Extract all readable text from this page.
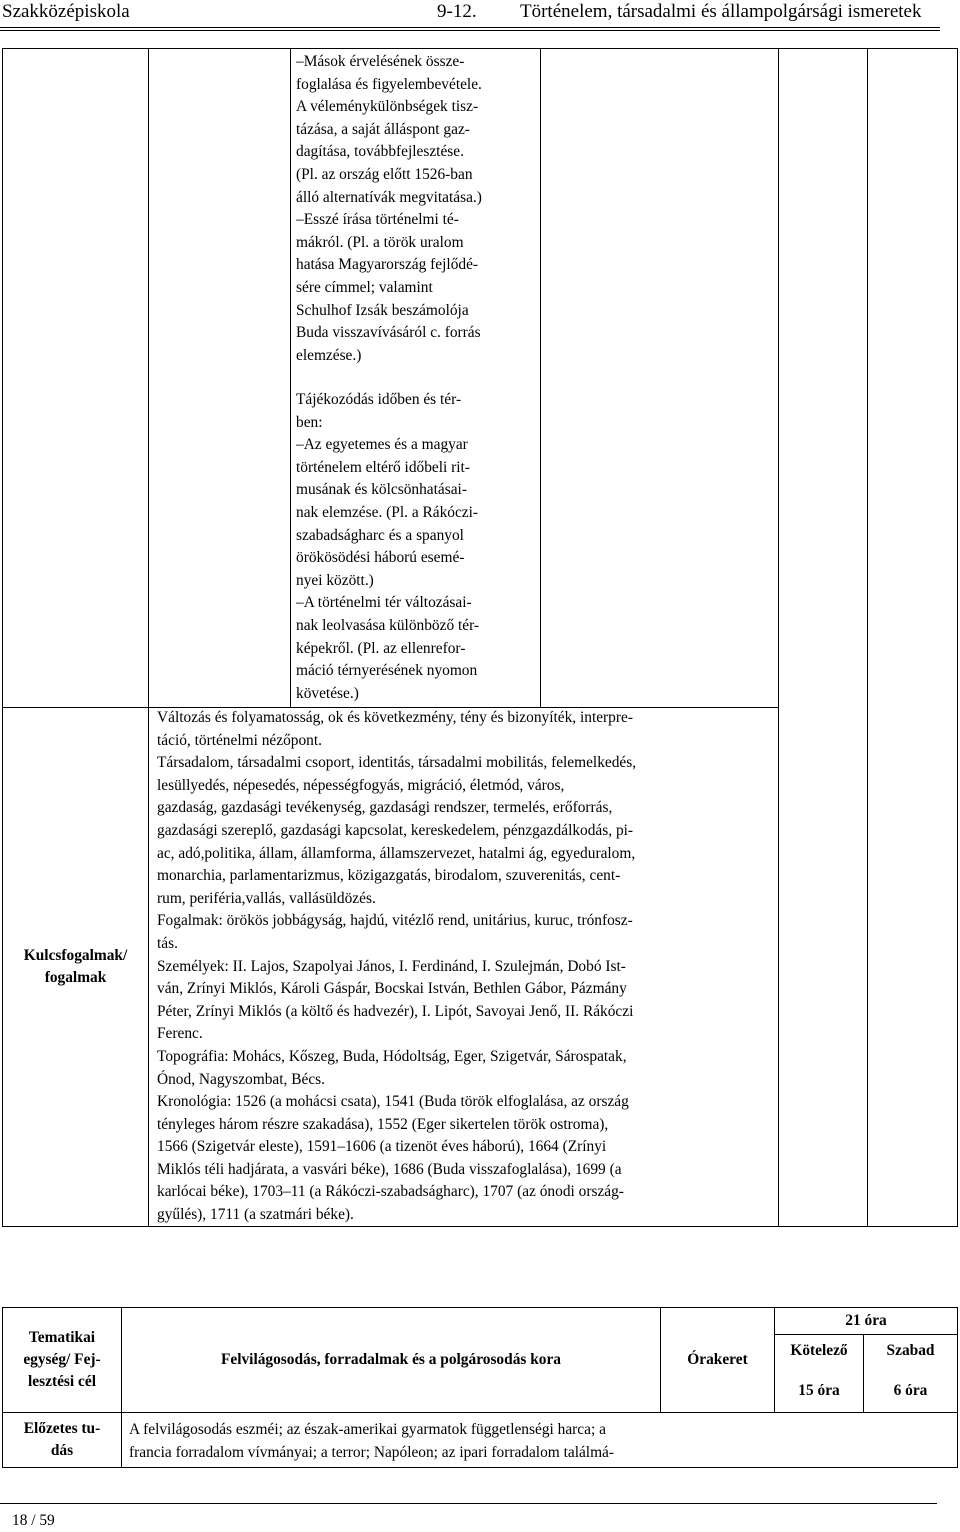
Szakközépiskola	9-12. Történelem, társadalmi és állampolgársági ismeretek

–Mások érvelésének össze-

foglalása és figyelembevétele.

A véleménykülönbségek tisz-

tázása, a saját álláspont gaz-

dagítása, továbbfejlesztése.

(Pl. az ország előtt 1526-ban

álló alternatívák megvitatása.)

–Esszé írása történelmi té-

mákról. (Pl. a török uralom

hatása Magyarország fejlődé-

sére címmel; valamint

Schulhof Izsák beszámolója

Buda visszavívásáról c. forrás

elemzése.)

Tájékozódás időben és tér-

ben:

–Az egyetemes és a magyar

történelem eltérő időbeli rit-

musának és kölcsönhatásai-

nak elemzése. (Pl. a Rákóczi-

szabadságharc és a spanyol

örökösödési háború esemé-

nyei között.)

–A történelmi tér változásai-

nak leolvasása különböző tér-

képekről. (Pl. az ellenrefor-

máció térnyerésének nyomon

követése.)

Kulcsfogalmak/
fogalmak

Változás és folyamatosság, ok és következmény, tény és bizonyíték, interpre-

táció, történelmi nézőpont.

Társadalom, társadalmi csoport, identitás, társadalmi mobilitás, felemelkedés,

lesüllyedés, népesedés, népességfogyás, migráció, életmód, város,

gazdaság, gazdasági tevékenység, gazdasági rendszer, termelés, erőforrás,

gazdasági szereplő, gazdasági kapcsolat, kereskedelem, pénzgazdálkodás, pi-

ac, adó,politika, állam, államforma, államszervezet, hatalmi ág, egyeduralom,

monarchia, parlamentarizmus, közigazgatás, birodalom, szuverenitás, cent-

rum, periféria,vallás, vallásüldözés.

Fogalmak: örökös jobbágyság, hajdú, vitézlő rend, unitárius, kuruc, trónfosz-

tás.

Személyek: II. Lajos, Szapolyai János, I. Ferdinánd, I. Szulejmán, Dobó Ist-

ván, Zrínyi Miklós, Károli Gáspár, Bocskai István, Bethlen Gábor, Pázmány

Péter, Zrínyi Miklós (a költő és hadvezér), I. Lipót, Savoyai Jenő, II. Rákóczi

Ferenc.

Topográfia: Mohács, Kőszeg, Buda, Hódoltság, Eger, Szigetvár, Sárospatak,

Ónod, Nagyszombat, Bécs.

Kronológia: 1526 (a mohácsi csata), 1541 (Buda török elfoglalása, az ország

tényleges három részre szakadása), 1552 (Eger sikertelen török ostroma),

1566 (Szigetvár eleste), 1591–1606 (a tizenöt éves háború), 1664 (Zrínyi

Miklós téli hadjárata, a vasvári béke), 1686 (Buda visszafoglalása), 1699 (a

karlócai béke), 1703–11 (a Rákóczi-szabadságharc), 1707 (az ónodi ország-

gyűlés), 1711 (a szatmári béke).

Tematikai
egység/ Fej-
lesztési cél
Felvilágosodás, forradalmak és a polgárosodás kora	Órakeret
21 óra
Kötelező
15 óra
Szabad
6 óra
Előzetes tu-
dás

A felvilágosodás eszméi; az észak-amerikai gyarmatok függetlenségi harca; a

francia forradalom vívmányai; a terror; Napóleon; az ipari forradalom találmá-

18 / 59
